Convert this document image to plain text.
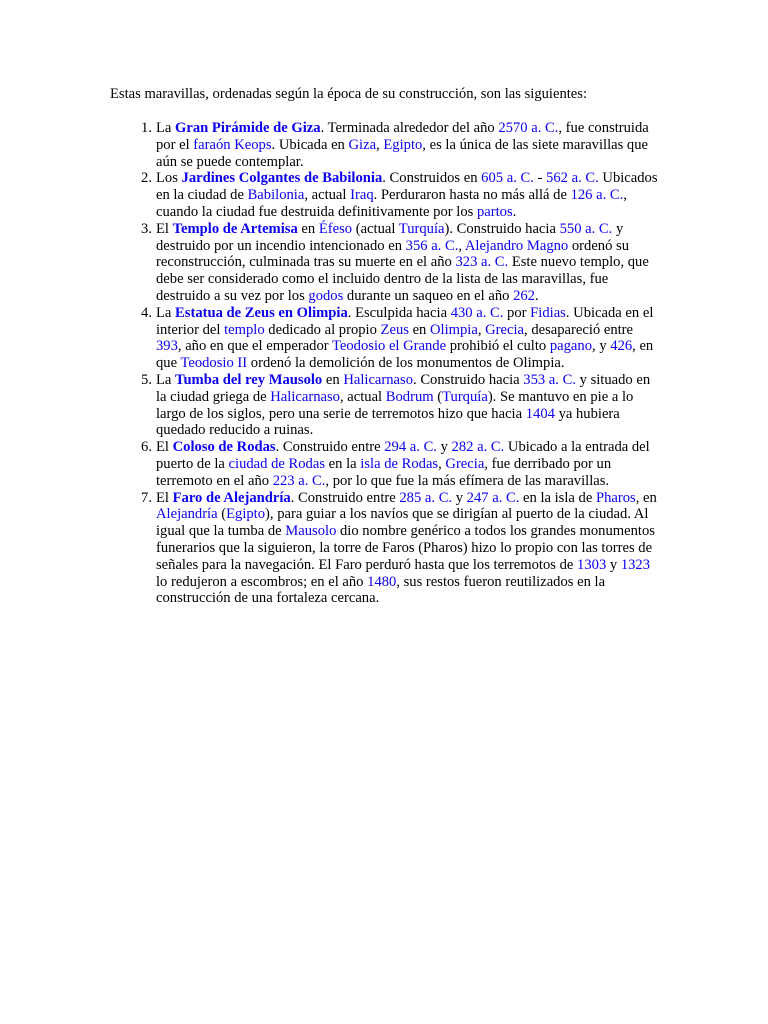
Estas maravillas, ordenadas según la época de su construcción, son las siguientes:

1. La Gran Pirámide de Giza. Terminada alrededor del año 2570 a. C., fue construida por el faraón Keops. Ubicada en Giza, Egipto, es la única de las siete maravillas que aún se puede contemplar.
2. Los Jardines Colgantes de Babilonia. Construidos en 605 a. C. - 562 a. C. Ubicados en la ciudad de Babilonia, actual Iraq. Perduraron hasta no más allá de 126 a. C., cuando la ciudad fue destruida definitivamente por los partos.
3. El Templo de Artemisa en Éfeso (actual Turquía). Construido hacia 550 a. C. y destruido por un incendio intencionado en 356 a. C., Alejandro Magno ordenó su reconstrucción, culminada tras su muerte en el año 323 a. C. Este nuevo templo, que debe ser considerado como el incluido dentro de la lista de las maravillas, fue destruido a su vez por los godos durante un saqueo en el año 262.
4. La Estatua de Zeus en Olimpia. Esculpida hacia 430 a. C. por Fidias. Ubicada en el interior del templo dedicado al propio Zeus en Olimpia, Grecia, desapareció entre 393, año en que el emperador Teodosio el Grande prohibió el culto pagano, y 426, en que Teodosio II ordenó la demolición de los monumentos de Olimpia.
5. La Tumba del rey Mausolo en Halicarnaso. Construido hacia 353 a. C. y situado en la ciudad griega de Halicarnaso, actual Bodrum (Turquía). Se mantuvo en pie a lo largo de los siglos, pero una serie de terremotos hizo que hacia 1404 ya hubiera quedado reducido a ruinas.
6. El Coloso de Rodas. Construido entre 294 a. C. y 282 a. C. Ubicado a la entrada del puerto de la ciudad de Rodas en la isla de Rodas, Grecia, fue derribado por un terremoto en el año 223 a. C., por lo que fue la más efímera de las maravillas.
7. El Faro de Alejandría. Construido entre 285 a. C. y 247 a. C. en la isla de Pharos, en Alejandría (Egipto), para guiar a los navíos que se dirigían al puerto de la ciudad. Al igual que la tumba de Mausolo dio nombre genérico a todos los grandes monumentos funerarios que la siguieron, la torre de Faros (Pharos) hizo lo propio con las torres de señales para la navegación. El Faro perduró hasta que los terremotos de 1303 y 1323 lo redujeron a escombros; en el año 1480, sus restos fueron reutilizados en la construcción de una fortaleza cercana.
